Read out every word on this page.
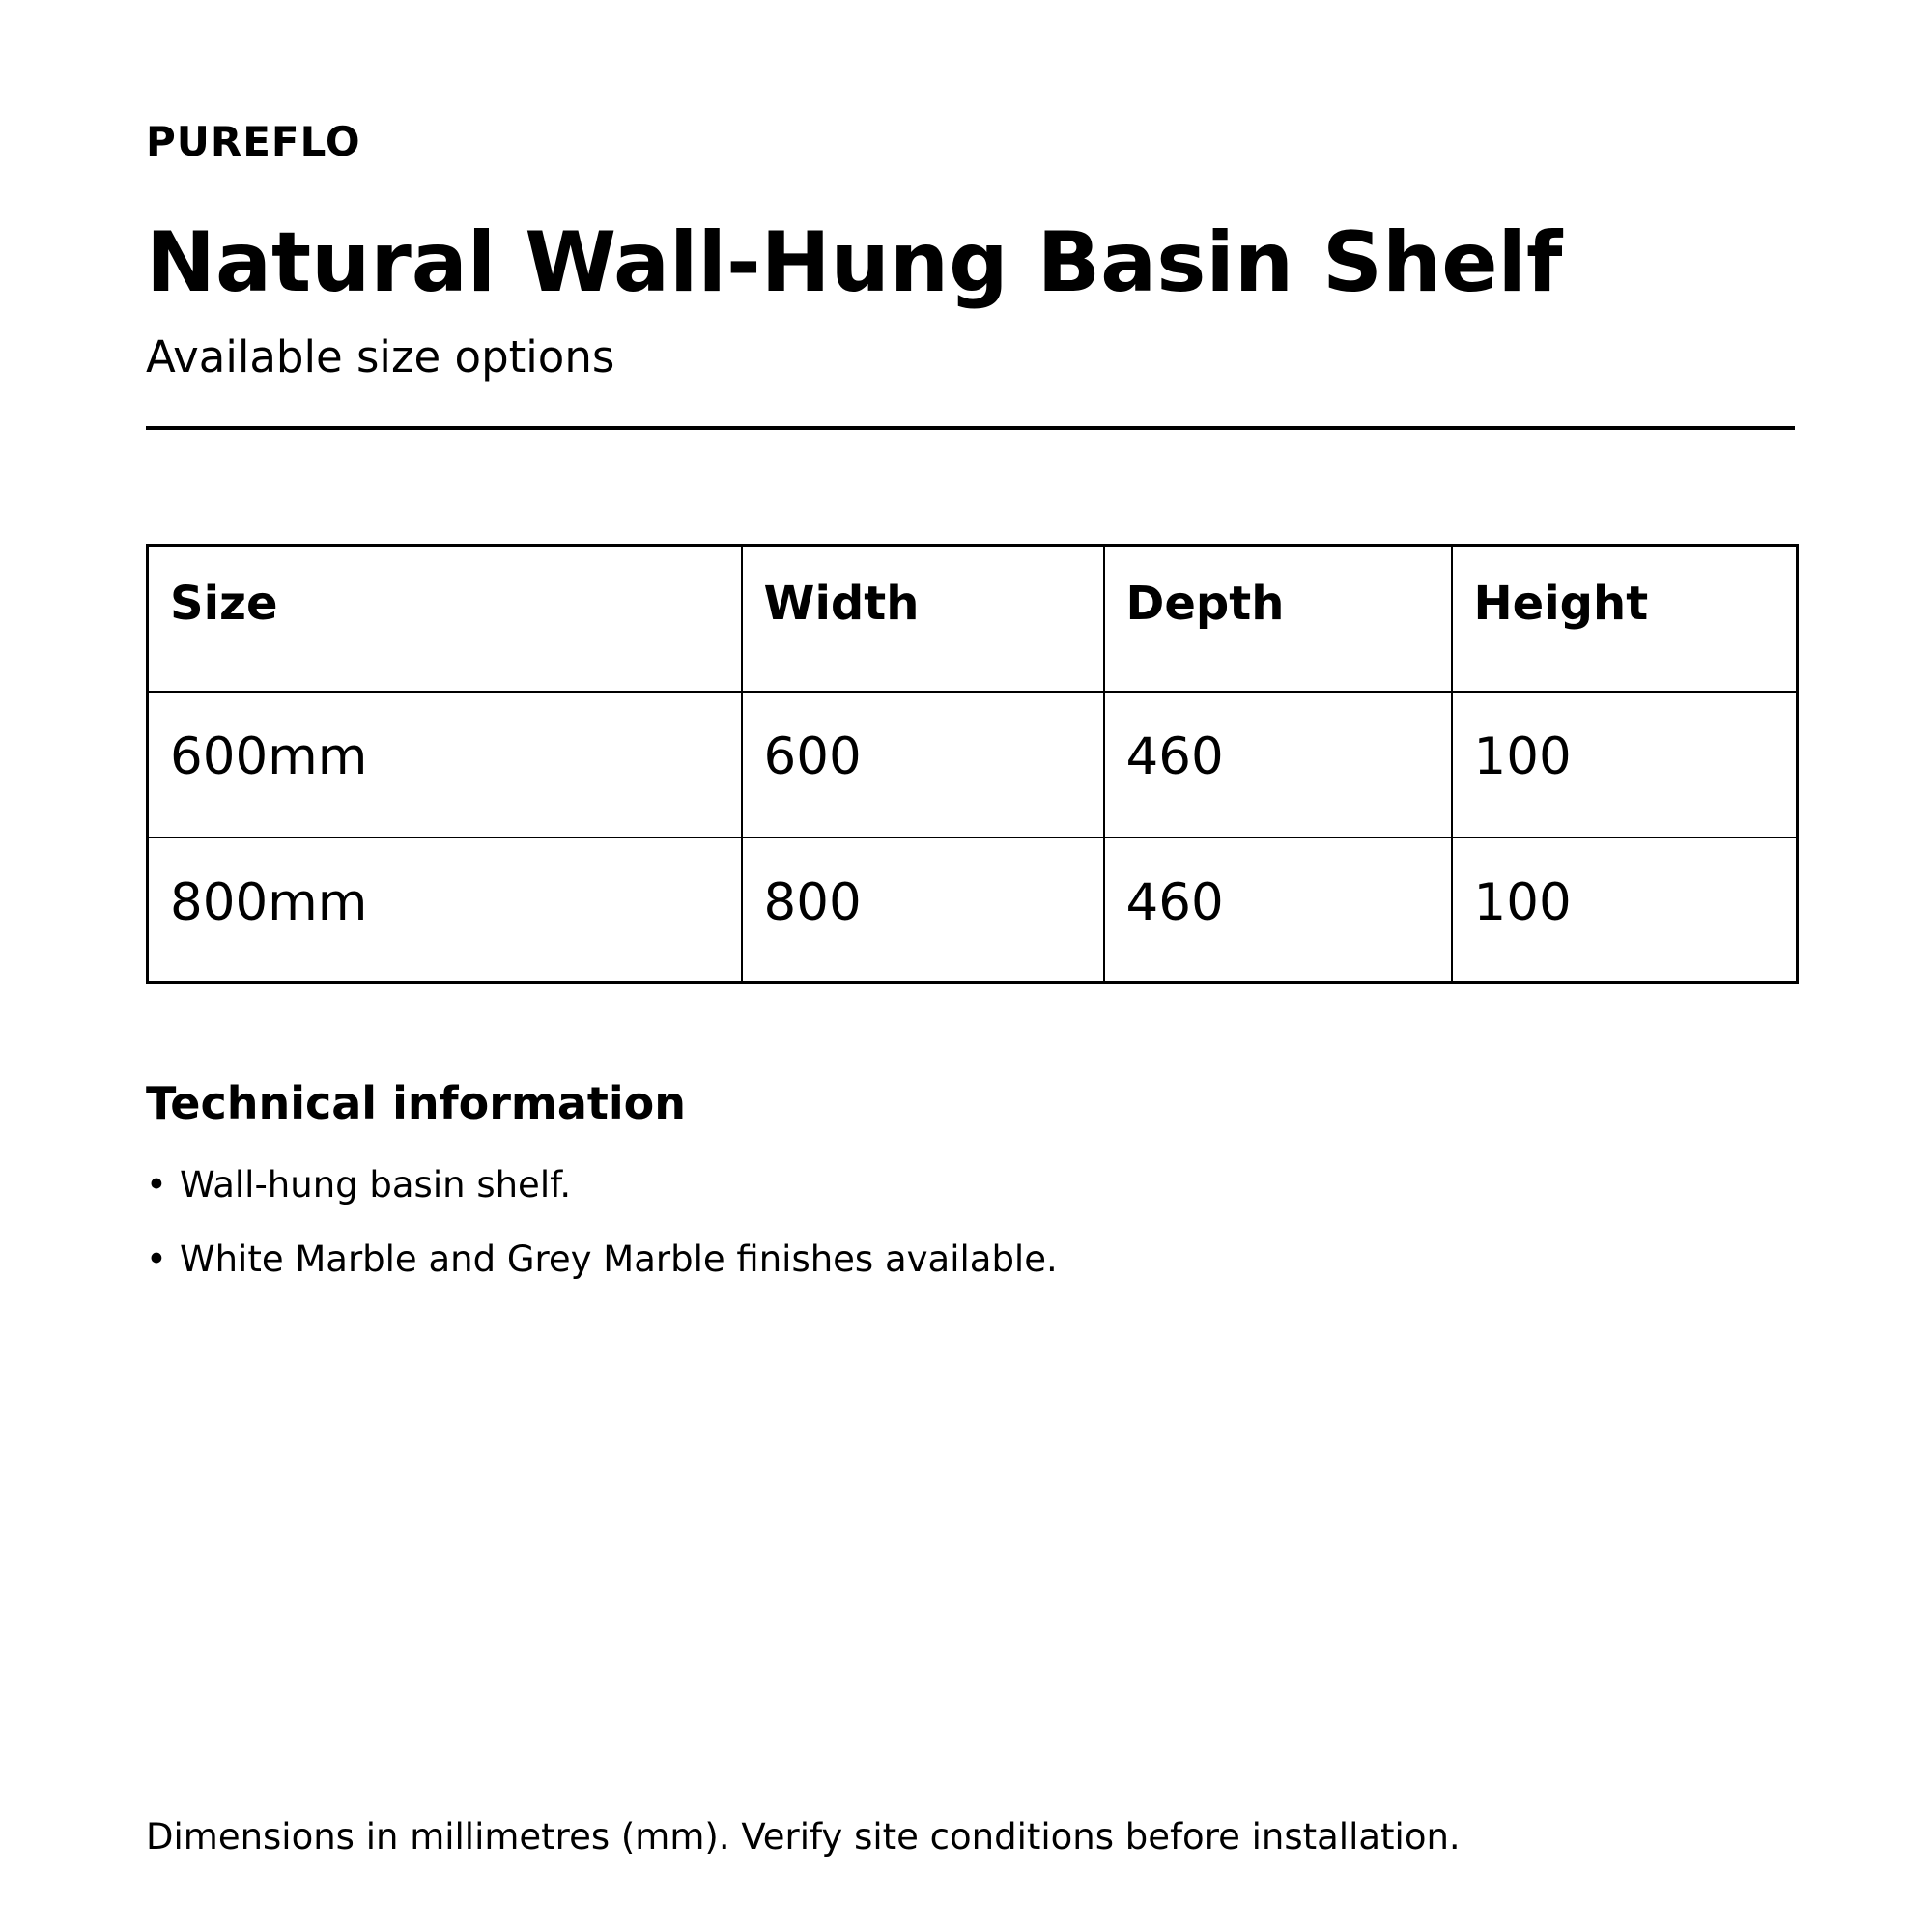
PUREFLO
Natural Wall-Hung Basin Shelf
Available size options
Size	Width	Depth	Height
600mm	600	460	100
800mm	800	460	100
Technical information
• Wall-hung basin shelf.
• White Marble and Grey Marble finishes available.
Dimensions in millimetres (mm). Verify site conditions before installation.
